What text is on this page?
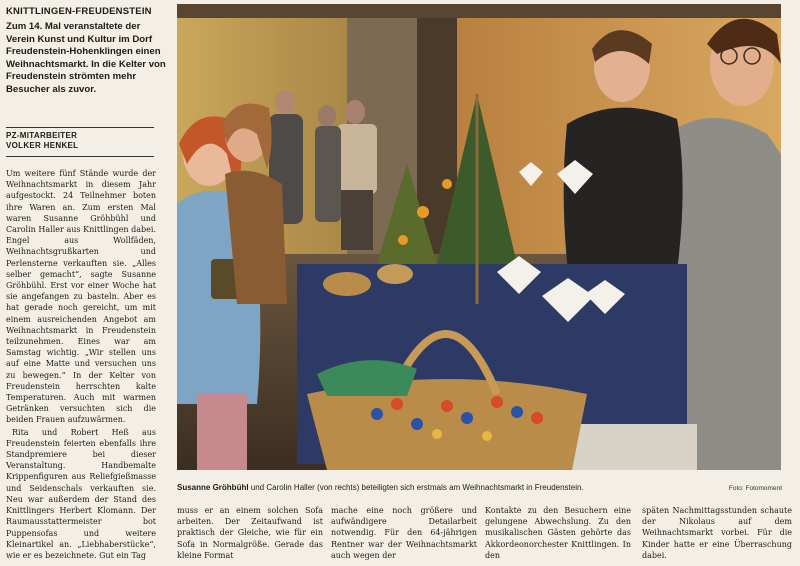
KNITTLINGEN-FREUDENSTEIN
Zum 14. Mal veranstaltete der Verein Kunst und Kultur im Dorf Freudenstein-Hohenklingen einen Weihnachtsmarkt. In die Kelter von Freudenstein strömten mehr Besucher als zuvor.
PZ-MITARBEITER
VOLKER HENKEL

Um weitere fünf Stände wurde der Weihnachtsmarkt in diesem Jahr aufgestockt. 24 Teilnehmer boten ihre Waren an. Zum ersten Mal waren Susanne Gröhbühl und Carolin Haller aus Knittlingen dabei. Engel aus Wollfäden, Weihnachtsgrußkarten und Perlensterne verkauften sie. „Alles selber gemacht“, sagte Susanne Gröhbühl. Erst vor einer Woche hat sie angefangen zu basteln. Aber es hat gerade noch gereicht, um mit einem ausreichenden Angebot am Weihnachtsmarkt in Freudenstein teilzunehmen. Eines war am Samstag wichtig. „Wir stellen uns auf eine Matte und versuchen uns zu bewegen.“ In der Kelter von Freudenstein herrschten kalte Temperaturen. Auch mit warmen Getränken versuchten sich die beiden Frauen aufzuwärmen.

Rita und Robert Heß aus Freudenstein feierten ebenfalls ihre Standpremiere bei dieser Veranstaltung. Handbemalte Krippenfiguren aus Reliefgießmasse und Seidenschals verkauften sie. Neu war außerdem der Stand des Knittlingers Herbert Klomann. Der Raumausstattermeister bot Puppensofas und weitere Kleinartikel an. „Liebhaberstücke“, wie er es bezeichnete. Gut ein Tag

Susanne Gröhbühl und Carolin Haller (von rechts) beteiligten sich erstmals am Weihnachtsmarkt in Freudenstein.	Foto: Fotomoment
muss er an einem solchen Sofa arbeiten. Der Zeitaufwand ist praktisch der Gleiche, wie für ein Sofa in Normalgröße. Gerade das kleine Format
mache eine noch größere und aufwändigere Detailarbeit notwendig. Für den 64-jährigen Rentner war der Weihnachtsmarkt auch wegen der
Kontakte zu den Besuchern eine gelungene Abwechslung. Zu den musikalischen Gästen gehörte das Akkordeonorchester Knittlingen. In den
späten Nachmittagsstunden schaute der Nikolaus auf dem Weihnachtsmarkt vorbei. Für die Kinder hatte er eine Überraschung dabei.
